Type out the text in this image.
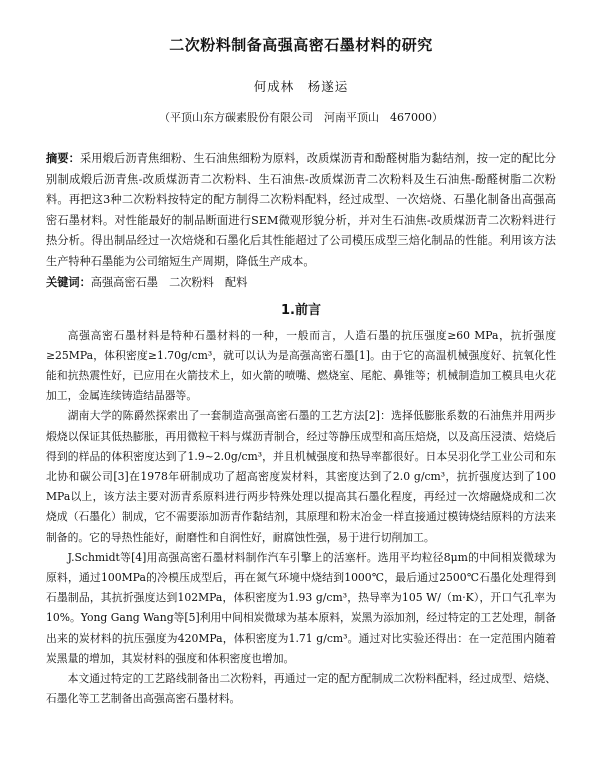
二次粉料制备高强高密石墨材料的研究
何成林　杨遂运
（平顶山东方碳素股份有限公司　河南平顶山　467000）
摘要：采用煅后沥青焦细粉、生石油焦细粉为原料，改质煤沥青和酚醛树脂为黏结剂，按一定的配比分别制成煅后沥青焦-改质煤沥青二次粉料、生石油焦-改质煤沥青二次粉料及生石油焦-酚醛树脂二次粉料。再把这3种二次粉料按特定的配方制得二次粉料配料，经过成型、一次焙烧、石墨化制备出高强高密石墨材料。对性能最好的制品断面进行SEM微观形貌分析，并对生石油焦-改质煤沥青二次粉料进行热分析。得出制品经过一次焙烧和石墨化后其性能超过了公司模压成型三焙化制品的性能。利用该方法生产特种石墨能为公司缩短生产周期，降低生产成本。
关键词：高强高密石墨　二次粉料　配料
1.前言

高强高密石墨材料是特种石墨材料的一种，一般而言，人造石墨的抗压强度≥60 MPa，抗折强度≥25MPa，体积密度≥1.70g/cm³，就可以认为是高强高密石墨[1]。由于它的高温机械强度好、抗氧化性能和抗热震性好，已应用在火箭技术上，如火箭的喷嘴、燃烧室、尾舵、鼻锥等；机械制造加工模具电火花加工，金属连续铸造结晶器等。

湖南大学的陈爵然探索出了一套制造高强高密石墨的工艺方法[2]：选择低膨胀系数的石油焦并用两步煅烧以保证其低热膨胀，再用微粒干料与煤沥青制合，经过等静压成型和高压焙烧，以及高压浸渍、焙烧后得到的样品的体积密度达到了1.9~2.0g/cm³，并且机械强度和热导率都很好。日本吴羽化学工业公司和东北协和碳公司[3]在1978年研制成功了超高密度炭材料，其密度达到了2.0 g/cm³，抗折强度达到了100 MPa以上，该方法主要对沥青系原料进行两步特殊处理以提高其石墨化程度，再经过一次熔融烧成和二次烧成（石墨化）制成，它不需要添加沥青作黏结剂，其原理和粉末冶金一样直接通过模铸烧结原料的方法来制备的。它的导热性能好，耐磨性和自润性好，耐腐蚀性强，易于进行切削加工。

J.Schmidt等[4]用高强高密石墨材料制作汽车引擎上的活塞杆。选用平均粒径8μm的中间相炭微球为原料，通过100MPa的冷模压成型后，再在氮气环境中烧结到1000℃，最后通过2500℃石墨化处理得到石墨制品，其抗折强度达到102MPa，体积密度为1.93 g/cm³，热导率为105 W/（m·K），开口气孔率为10%。Yong Gang Wang等[5]利用中间相炭微球为基本原料，炭黑为添加剂，经过特定的工艺处理，制备出来的炭材料的抗压强度为420MPa，体积密度为1.71 g/cm³。通过对比实验还得出：在一定范围内随着炭黑量的增加，其炭材料的强度和体积密度也增加。

本文通过特定的工艺路线制备出二次粉料，再通过一定的配方配制成二次粉料配料，经过成型、焙烧、石墨化等工艺制备出高强高密石墨材料。
